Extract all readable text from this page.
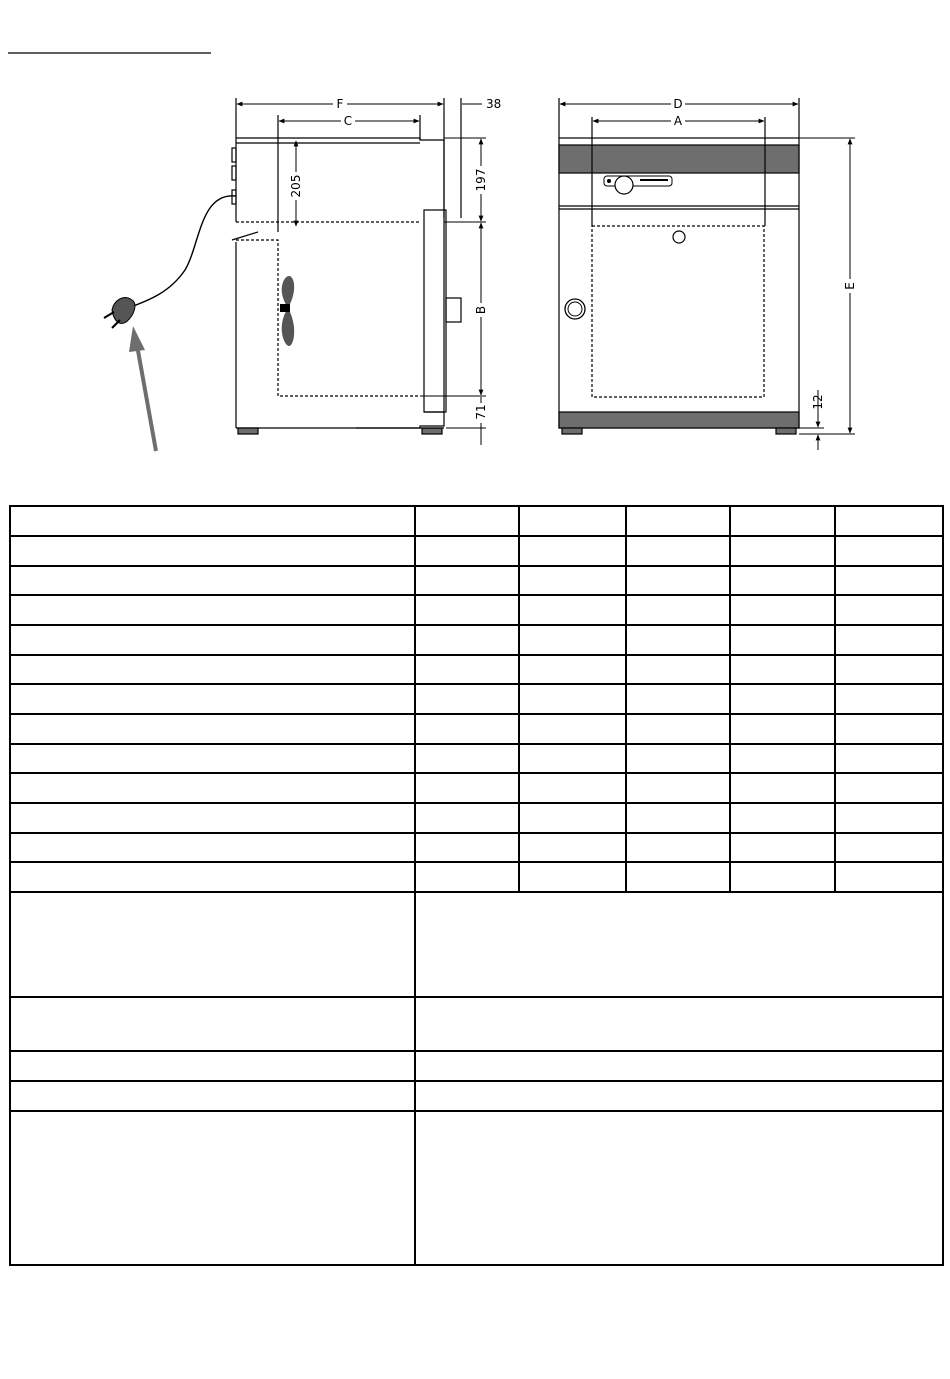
F
C
38
205	197
B
71
D
A
E
12
